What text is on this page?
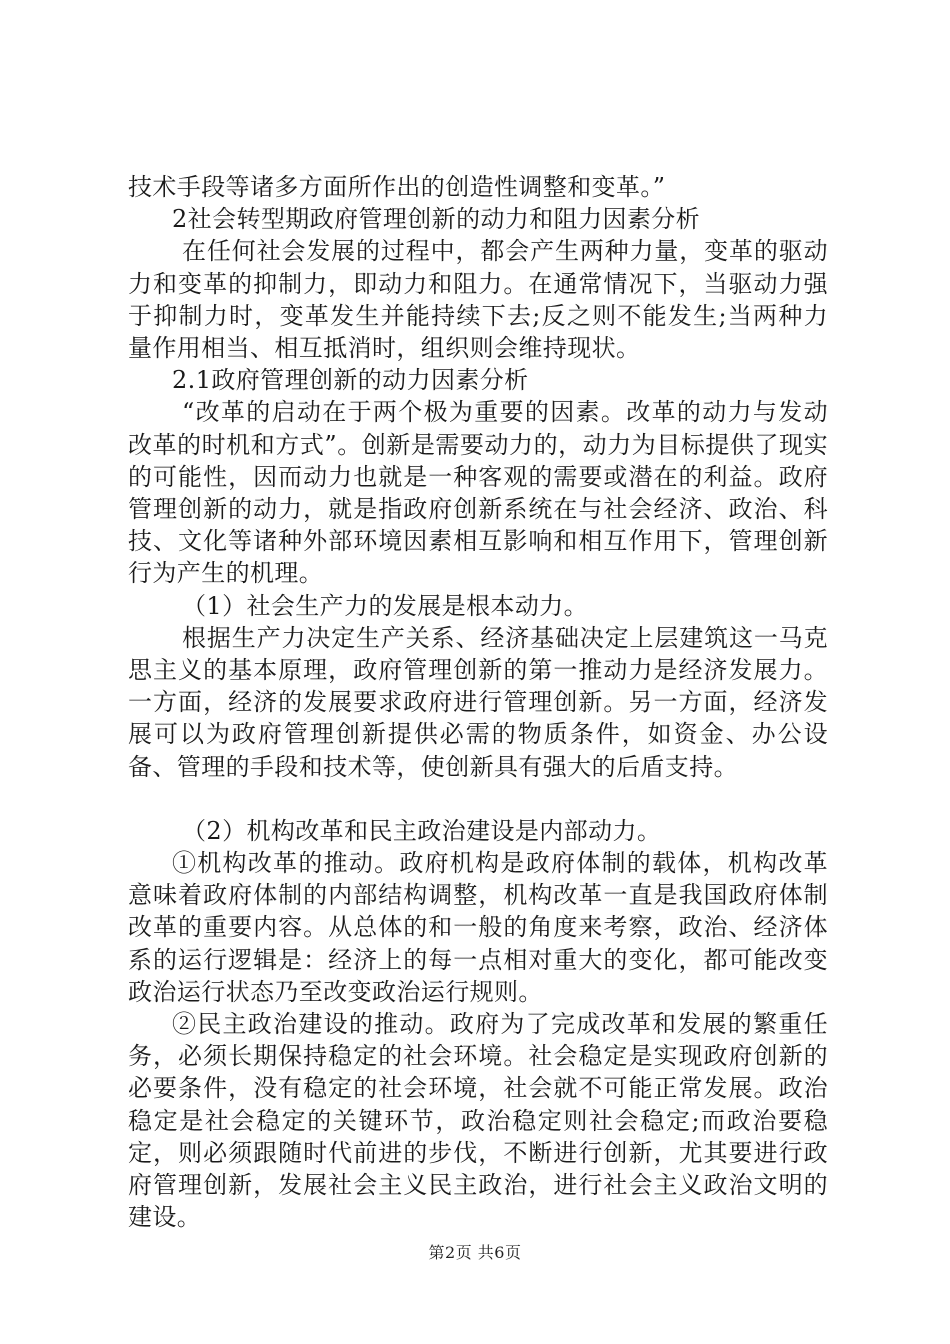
技术手段等诸多方面所作出的创造性调整和变革。”

2社会转型期政府管理创新的动力和阻力因素分析

在任何社会发展的过程中，都会产生两种力量，变革的驱动力和变革的抑制力，即动力和阻力。在通常情况下，当驱动力强于抑制力时，变革发生并能持续下去;反之则不能发生;当两种力量作用相当、相互抵消时，组织则会维持现状。

2.1政府管理创新的动力因素分析

“改革的启动在于两个极为重要的因素。改革的动力与发动改革的时机和方式”。创新是需要动力的，动力为目标提供了现实的可能性，因而动力也就是一种客观的需要或潜在的利益。政府管理创新的动力，就是指政府创新系统在与社会经济、政治、科技、文化等诸种外部环境因素相互影响和相互作用下，管理创新行为产生的机理。

（1）社会生产力的发展是根本动力。

根据生产力决定生产关系、经济基础决定上层建筑这一马克思主义的基本原理，政府管理创新的第一推动力是经济发展力。一方面，经济的发展要求政府进行管理创新。另一方面，经济发展可以为政府管理创新提供必需的物质条件，如资金、办公设备、管理的手段和技术等，使创新具有强大的后盾支持。

（2）机构改革和民主政治建设是内部动力。

①机构改革的推动。政府机构是政府体制的载体，机构改革意味着政府体制的内部结构调整，机构改革一直是我国政府体制改革的重要内容。从总体的和一般的角度来考察，政治、经济体系的运行逻辑是：经济上的每一点相对重大的变化，都可能改变政治运行状态乃至改变政治运行规则。

②民主政治建设的推动。政府为了完成改革和发展的繁重任务，必须长期保持稳定的社会环境。社会稳定是实现政府创新的必要条件，没有稳定的社会环境，社会就不可能正常发展。政治稳定是社会稳定的关键环节，政治稳定则社会稳定;而政治要稳定，则必须跟随时代前进的步伐，不断进行创新，尤其要进行政府管理创新，发展社会主义民主政治，进行社会主义政治文明的建设。

第2页 共6页
